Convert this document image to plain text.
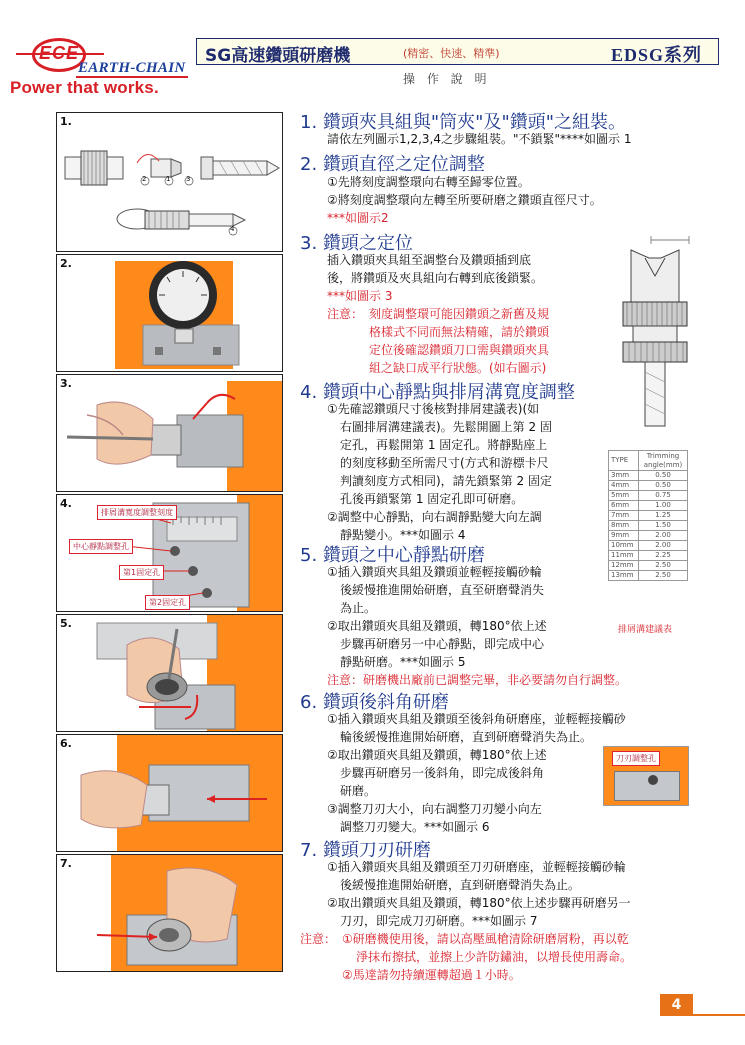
ECE
EARTH-CHAIN
Power that works.
SG高速鑽頭研磨機	(精密、快速、精準)	EDSG系列
操 作 說 明
1.
2	1 3
4
2.
3.
4.
排屑溝寬度調整刻度
中心靜點調整孔
第1固定孔
第2固定孔
5.
6.
7.
1. 鑽頭夾具組與"筒夾"及"鑽頭"之組裝。
請依左列圖示1,2,3,4之步驟組裝。"不鎖緊"****如圖示 1
2. 鑽頭直徑之定位調整
①先將刻度調整環向右轉至歸零位置。
②將刻度調整環向左轉至所要研磨之鑽頭直徑尺寸。
***如圖示2
3. 鑽頭之定位
插入鑽頭夾具組至調整台及鑽頭插到底
後，將鑽頭及夾具組向右轉到底後鎖緊。
***如圖示 3
注意： 刻度調整環可能因鑽頭之新舊及規
格樣式不同而無法精確，請於鑽頭
定位後確認鑽頭刀口需與鑽頭夾具
組之缺口成平行狀態。(如右圖示)
4. 鑽頭中心靜點與排屑溝寬度調整
①先確認鑽頭尺寸後核對排屑建議表)(如
右圖排屑溝建議表)。先鬆開圖上第 2 固
定孔，再鬆開第 1 固定孔。將靜點座上
的刻度移動至所需尺寸(方式和游標卡尺
判讀刻度方式相同)，請先鎖緊第 2 固定
孔後再鎖緊第 1 固定孔即可研磨。
②調整中心靜點，向右調靜點變大向左調
靜點變小。***如圖示 4
TYPE	Trimming angle(mm)
3mm	0.50
4mm	0.50
5mm	0.75
6mm	1.00
7mm	1.25
8mm	1.50
9mm	2.00
10mm	2.00
11mm	2.25
12mm	2.50
13mm	2.50
排屑溝建議表
5. 鑽頭之中心靜點研磨
①插入鑽頭夾具組及鑽頭並輕輕接觸砂輪
後緩慢推進開始研磨，直至研磨聲消失
為止。
②取出鑽頭夾具組及鑽頭，轉180°依上述
步驟再研磨另一中心靜點，即完成中心
靜點研磨。***如圖示 5
注意：研磨機出廠前已調整完畢，非必要請勿自行調整。
6. 鑽頭後斜角研磨
①插入鑽頭夾具組及鑽頭至後斜角研磨座，並輕輕接觸砂
輪後緩慢推進開始研磨，直到研磨聲消失為止。
②取出鑽頭夾具組及鑽頭，轉180°依上述
步驟再研磨另一後斜角，即完成後斜角
研磨。
③調整刀刃大小，向右調整刀刃變小向左
調整刀刃變大。***如圖示 6
刀刃調整孔
7. 鑽頭刀刃研磨
①插入鑽頭夾具組及鑽頭至刀刃研磨座，並輕輕接觸砂輪
後緩慢推進開始研磨，直到研磨聲消失為止。
②取出鑽頭夾具組及鑽頭，轉180°依上述步驟再研磨另一
刀刃，即完成刀刃研磨。***如圖示 7
注意： ①研磨機使用後，請以高壓風槍清除研磨屑粉，再以乾
淨抹布擦拭，並擦上少許防鏽油，以增長使用壽命。
②馬達請勿持續運轉超過１小時。
4
